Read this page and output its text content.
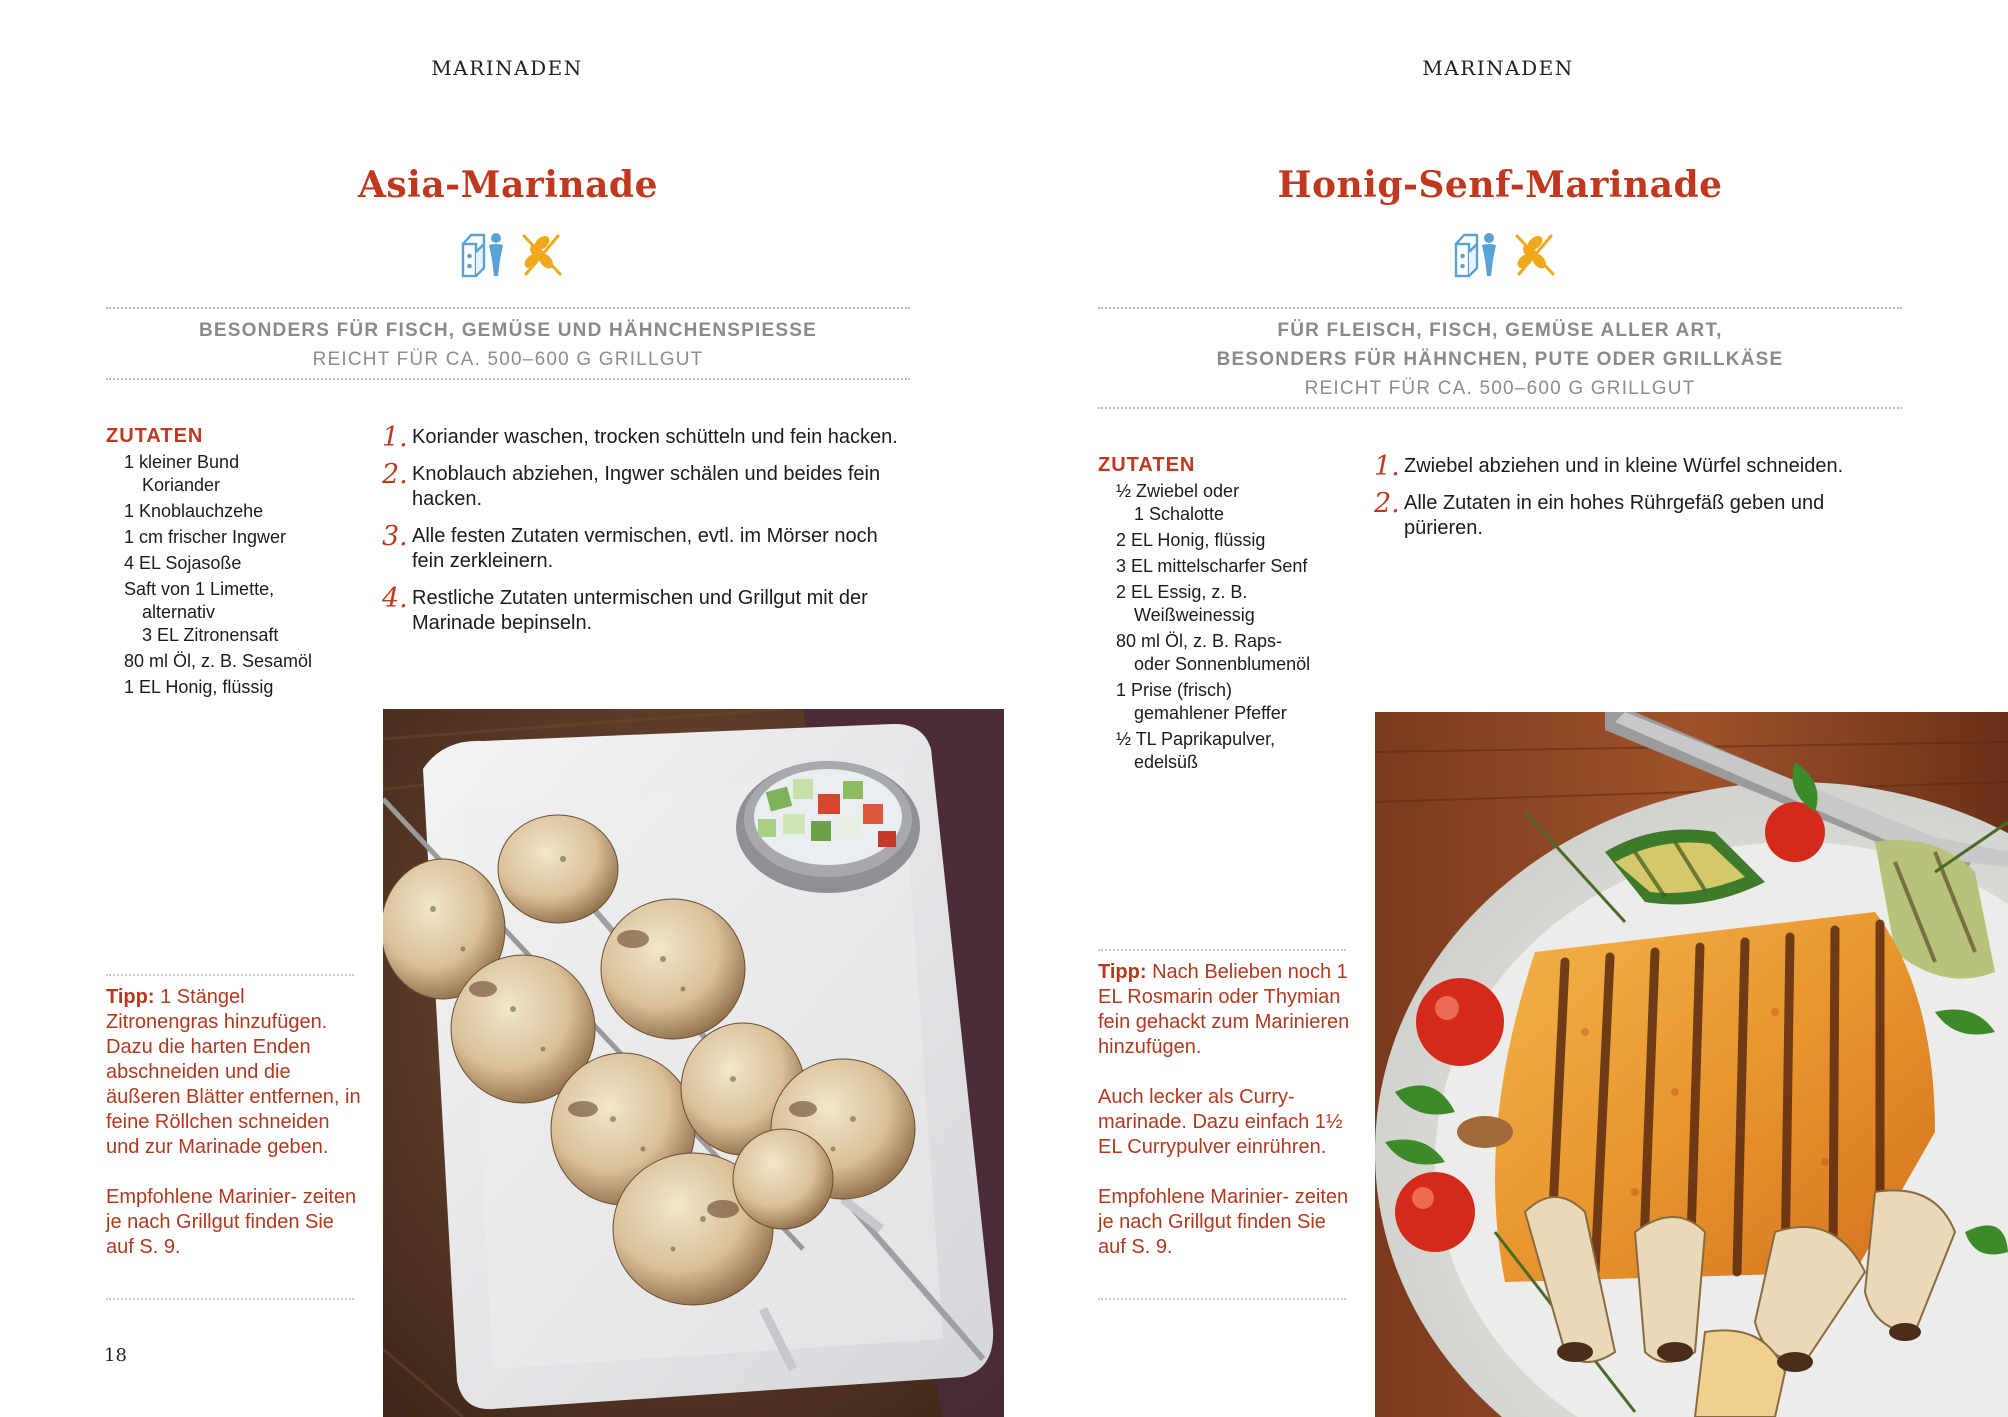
MARINADEN
Asia-Marinade
BESONDERS FÜR FISCH, GEMÜSE UND HÄHNCHENSPIESSE
REICHT FÜR CA. 500–600 G GRILLGUT
ZUTATEN
1 kleiner Bund
Koriander
1 Knoblauchzehe
1 cm frischer Ingwer
4 EL Sojasoße
Saft von 1 Limette,
alternativ
3 EL Zitronensaft
80 ml Öl, z. B. Sesamöl
1 EL Honig, flüssig
1. Koriander waschen, trocken schütteln und fein hacken.
2. Knoblauch abziehen, Ingwer schälen und beides fein hacken.
3. Alle festen Zutaten vermischen, evtl. im Mörser noch fein zerkleinern.
4. Restliche Zutaten untermischen und Grillgut mit der Marinade bepinseln.

Tipp: 1 Stängel Zitronengras hinzufügen. Dazu die harten Enden abschneiden und die äußeren Blätter entfernen, in feine Röllchen schneiden und zur Marinade geben.

Empfohlene Marinier- zeiten je nach Grillgut finden Sie auf S. 9.

18
MARINADEN
Honig-Senf-Marinade
FÜR FLEISCH, FISCH, GEMÜSE ALLER ART,
BESONDERS FÜR HÄHNCHEN, PUTE ODER GRILLKÄSE
REICHT FÜR CA. 500–600 G GRILLGUT
ZUTATEN
½ Zwiebel oder
1 Schalotte
2 EL Honig, flüssig
3 EL mittelscharfer Senf
2 EL Essig, z. B.
Weißweinessig
80 ml Öl, z. B. Raps-
oder Sonnenblumenöl
1 Prise (frisch)
gemahlener Pfeffer
½ TL Paprikapulver,
edelsüß
1. Zwiebel abziehen und in kleine Würfel schneiden.
2. Alle Zutaten in ein hohes Rührgefäß geben und pürieren.

Tipp: Nach Belieben noch 1 EL Rosmarin oder Thymian fein gehackt zum Marinieren hinzufügen.

Auch lecker als Curry- marinade. Dazu einfach 1½ EL Currypulver einrühren.

Empfohlene Marinier- zeiten je nach Grillgut finden Sie auf S. 9.
